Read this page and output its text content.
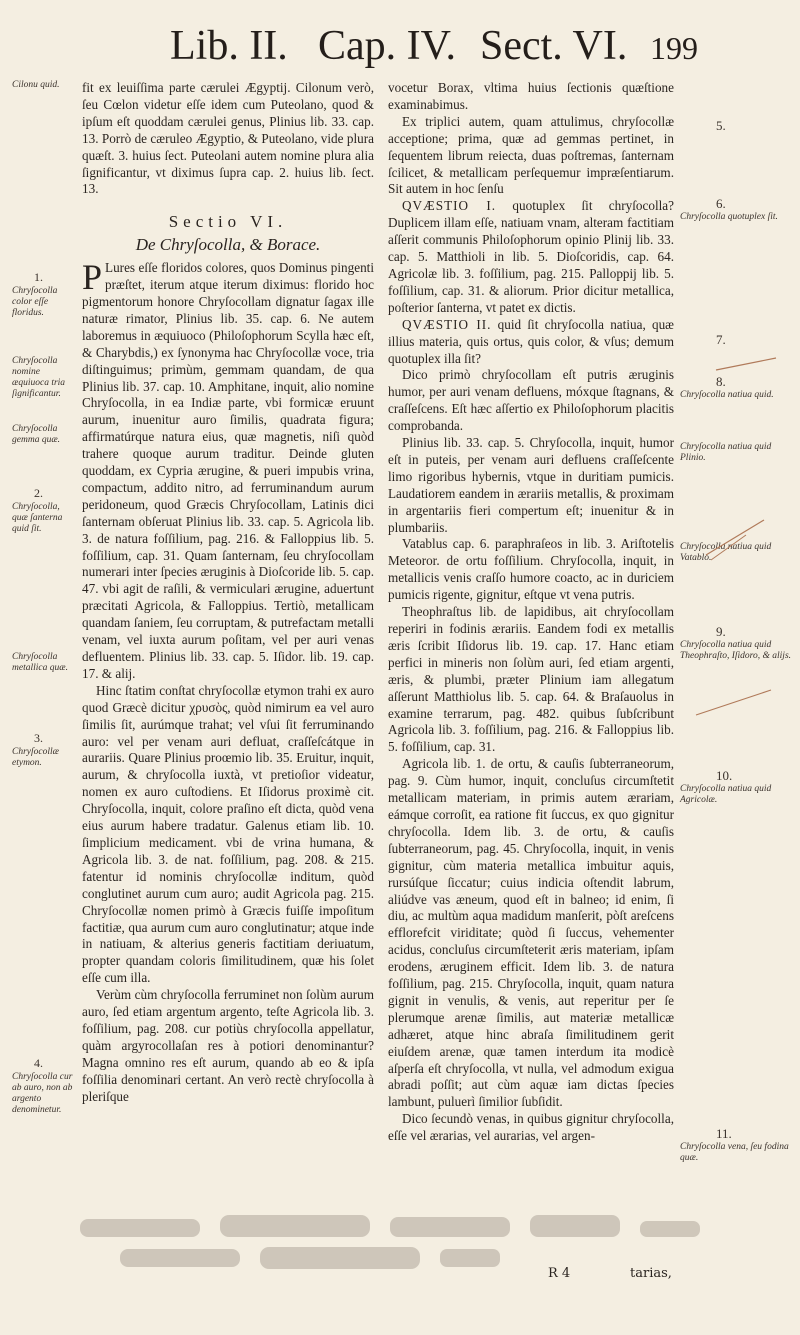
Lib. II. Cap. IV. Sect. VI. 199
Cilonu quid.
1.
Chryſocolla color eſſe floridus.
Chryſocolla nomine æquiuoca tria ſignificantur.
Chryſocolla gemma quæ.
2.
Chryſocolla, quæ ſanterna quid ſit.
Chryſocolla metallica quæ.
3.
Chryſocollæ etymon.
4.
Chryſocolla cur ab auro, non ab argento denominetur.
5.
6.
Chryſocolla quotuplex ſit.
7.
8.
Chryſocolla natiua quid.
Chryſocolla natiua quid Plinio.
Chryſocolla natiua quid Vatablo.
9.
Chryſocolla natiua quid Theophraſto, Iſidoro, & alijs.
10.
Chryſocolla natiua quid Agricolæ.
11.
Chryſocolla vena, ſeu fodina quæ.

fit ex leuiſſima parte cærulei Ægyptij. Cilonum verò, ſeu Cœlon videtur eſſe idem cum Puteolano, quod & ipſum eſt quoddam cærulei genus, Plinius lib. 33. cap. 13. Porrò de cæruleo Ægyptio, & Puteolano, vide plura quæſt. 3. huius ſect. Puteolani autem nomine plura alia ſignificantur, vt diximus ſupra cap. 2. huius lib. ſect. 13.

Sectio VI.
De Chryſocolla, & Borace.

P Lures eſſe floridos colores, quos Dominus pingenti præſtet, iterum atque iterum diximus: florido hoc pigmentorum honore Chryſocollam dignatur ſagax ille naturæ rimator, Plinius lib. 35. cap. 6. Ne autem laboremus in æquiuoco (Philoſophorum Scylla hæc eſt, & Charybdis,) ex ſynonyma hac Chryſocollæ voce, tria diſtinguimus; primùm, gemmam quandam, de qua Plinius lib. 37. cap. 10. Amphitane, inquit, alio nomine Chryſocolla, in ea Indiæ parte, vbi formicæ eruunt aurum, inuenitur auro ſimilis, quadrata figura; affirmatúrque natura eius, quæ magnetis, niſi quòd trahere quoque aurum traditur. Deinde gluten quoddam, ex Cypria ærugine, & pueri impubis vrina, compactum, addito nitro, ad ferruminandum aurum peridoneum, quod Græcis Chryſocollam, Latinis dici ſanternam obſeruat Plinius lib. 33. cap. 5. Agricola lib. 3. de natura foſſilium, pag. 216. & Falloppius lib. 5. foſſilium, cap. 31. Quam ſanternam, ſeu chryſocollam numerari inter ſpecies æruginis à Dioſcoride lib. 5. cap. 47. vbi agit de raſili, & vermiculari ærugine, aduertunt præcitati Agricola, & Falloppius. Tertiò, metallicam quandam ſaniem, ſeu corruptam, & putrefactam metalli venam, vel iuxta aurum poſitam, vel per auri venas defluentem. Plinius lib. 33. cap. 5. Iſidor. lib. 19. cap. 17. & alij.

Hinc ſtatim conſtat chryſocollæ etymon trahi ex auro quod Græcè dicitur χρυσὸς, quòd nimirum ea vel auro ſimilis ſit, aurúmque trahat; vel vſui ſit ferruminando auro: vel per venam auri defluat, craſſeſcátque in aurariis. Quare Plinius proœmio lib. 35. Eruitur, inquit, aurum, & chryſocolla iuxtà, vt pretioſior videatur, nomen ex auro cuſtodiens. Et Iſidorus proximè cit. Chryſocolla, inquit, colore praſino eſt dicta, quòd vena eius aurum habere tradatur. Galenus etiam lib. 10. ſimplicium medicament. vbi de vrina humana, & Agricola lib. 3. de nat. foſſilium, pag. 208. & 215. fatentur id nominis chryſocollæ inditum, quòd conglutinet aurum cum auro; audit Agricola pag. 215. Chryſocollæ nomen primò à Græcis fuiſſe impoſitum factitiæ, qua aurum cum auro conglutinatur; atque inde in natiuam, & alterius generis factitiam deriuatum, propter quandam coloris ſimilitudinem, quæ his ſolet eſſe cum illa.

Verùm cùm chryſocolla ferruminet non ſolùm aurum auro, ſed etiam argentum argento, teſte Agricola lib. 3. foſſilium, pag. 208. cur potiùs chryſocolla appellatur, quàm argyrocollaſan res à potiori denominantur? Magna omnino res eſt aurum, quando ab eo & ipſa foſſilia denominari certant. An verò rectè chryſocolla à pleriſque

vocetur Borax, vltima huius ſectionis quæſtione examinabimus.

Ex triplici autem, quam attulimus, chryſocollæ acceptione; prima, quæ ad gemmas pertinet, in ſequentem librum reiecta, duas poſtremas, ſanternam ſcilicet, & metallicam perſequemur impræſentiarum. Sit autem in hoc ſenſu

QVÆSTIO I. quotuplex ſit chryſocolla? Duplicem illam eſſe, natiuam vnam, alteram factitiam aſſerit communis Philoſophorum opinio Plinij lib. 33. cap. 5. Matthioli in lib. 5. Dioſcoridis, cap. 64. Agricolæ lib. 3. foſſilium, pag. 215. Palloppij lib. 5. foſſilium, cap. 31. & aliorum. Prior dicitur metallica, poſterior ſanterna, vt patet ex dictis.

QVÆSTIO II. quid ſit chryſocolla natiua, quæ illius materia, quis ortus, quis color, & vſus; demum quotuplex illa ſit?

Dico primò chryſocollam eſt putris æruginis humor, per auri venam defluens, móxque ſtagnans, & craſſeſcens. Eſt hæc aſſertio ex Philoſophorum placitis comprobanda.

Plinius lib. 33. cap. 5. Chryſocolla, inquit, humor eſt in puteis, per venam auri defluens craſſeſcente limo rigoribus hybernis, vtque in duritiam pumicis. Laudatiorem eandem in ærariis metallis, & proximam in argentariis fieri compertum eſt; inuenitur & in plumbariis.

Vatablus cap. 6. paraphraſeos in lib. 3. Ariſtotelis Meteoror. de ortu foſſilium. Chryſocolla, inquit, in metallicis venis craſſo humore coacto, ac in duriciem pumicis rigente, gignitur, eſtque vt vena putris.

Theophraſtus lib. de lapidibus, ait chryſocollam reperiri in fodinis ærariis. Eandem fodi ex metallis æris ſcribit Iſidorus lib. 19. cap. 17. Hanc etiam perfici in mineris non ſolùm auri, ſed etiam argenti, æris, & plumbi, præter Plinium iam allegatum aſſerunt Matthiolus lib. 5. cap. 64. & Braſauolus in examine terrarum, pag. 482. quibus ſubſcribunt Agricola lib. 3. foſſilium, pag. 216. & Falloppius lib. 5. foſſilium, cap. 31.

Agricola lib. 1. de ortu, & cauſis ſubterraneorum, pag. 9. Cùm humor, inquit, concluſus circumſtetit metallicam materiam, in primis autem ærariam, eámque corroſit, ea ratione fit ſuccus, ex quo gignitur chryſocolla. Idem lib. 3. de ortu, & cauſis ſubterraneorum, pag. 45. Chryſocolla, inquit, in venis gignitur, cùm materia metallica imbuitur aquis, rursúſque ſiccatur; cuius indicia oſtendit labrum, aliúdve vas æneum, quod eſt in balneo; id enim, ſi diu, ac multùm aqua madidum manſerit, pòſt areſcens efflorefcit viriditate; quòd ſi ſuccus, vehementer acidus, concluſus circumſteterit æris materiam, ipſam erodens, æruginem efficit. Idem lib. 3. de natura foſſilium, pag. 215. Chryſocolla, inquit, quam natura gignit in venulis, & venis, aut reperitur per ſe plerumque arenæ ſimilis, aut materiæ metallicæ adhæret, atque hinc abraſa ſimilitudinem gerit eiuſdem arenæ, quæ tamen interdum ita modicè aſperſa eſt chryſocolla, vt nulla, vel admodum exigua abradi poſſit; aut cùm aquæ iam dictas ſpecies lambunt, puluerì ſimilior ſubſidit.

Dico ſecundò venas, in quibus gignitur chryſocolla, eſſe vel ærarias, vel aurarias, vel argen-

R 4	tarias,
